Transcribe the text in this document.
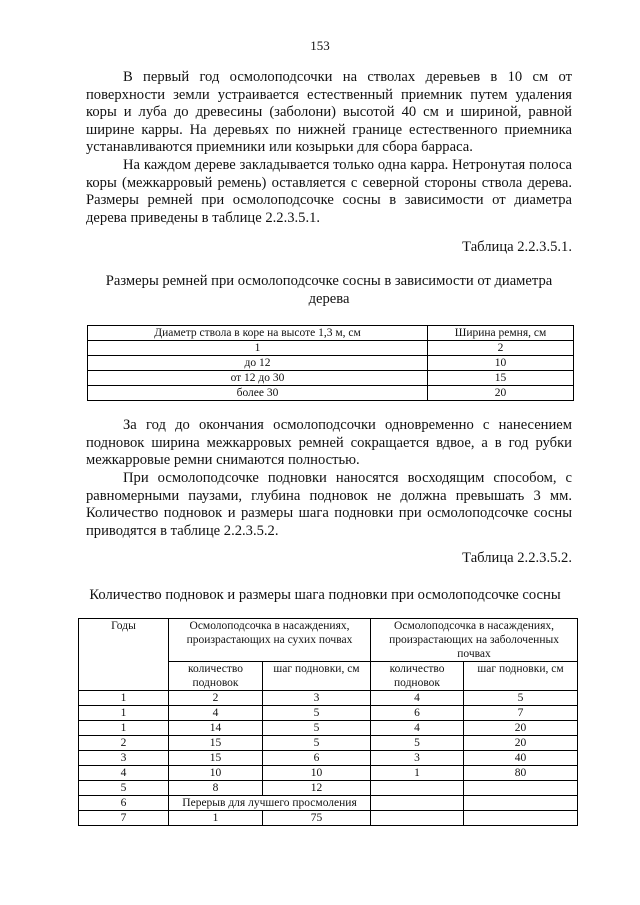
153

В первый год осмолоподсочки на стволах деревьев в 10 см от поверхности земли устраивается естественный приемник путем удаления коры и луба до древесины (заболони) высотой 40 см и шириной, равной ширине карры. На деревьях по нижней границе естественного приемника устанавливаются приемники или козырьки для сбора барраса.

На каждом дереве закладывается только одна карра. Нетронутая полоса коры (межкарровый ремень) оставляется с северной стороны ствола дерева. Размеры ремней при осмолоподсочке сосны в зависимости от диаметра дерева приведены в таблице 2.2.3.5.1.

Таблица 2.2.3.5.1.
Размеры ремней при осмолоподсочке сосны в зависимости от диаметра дерева
Диаметр ствола в коре на высоте 1,3 м, см	Ширина ремня, см
1	2
до 12	10
от 12 до 30	15
более 30	20

За год до окончания осмолоподсочки одновременно с нанесением подновок ширина межкарровых ремней сокращается вдвое, а в год рубки межкарровые ремни снимаются полностью.

При осмолоподсочке подновки наносятся восходящим способом, с равномерными паузами, глубина подновок не должна превышать 3 мм. Количество подновок и размеры шага подновки при осмолоподсочке сосны приводятся в таблице 2.2.3.5.2.

Таблица 2.2.3.5.2.
Количество подновок и размеры шага подновки при осмолоподсочке сосны
Годы	Осмолоподсочка в насаждениях, произрастающих на сухих почвах		Осмолоподсочка в насаждениях, произрастающих на заболоченных почвах	
	количество подновок	шаг подновки, см	количество подновок	шаг подновки, см
1	2	3	4	5
1	4	5	6	7
1	14	5	4	20
2	15	5	5	20
3	15	6	3	40
4	10	10	1	80
5	8	12		
6	Перерыв для лучшего просмоления			
7	1	75		
